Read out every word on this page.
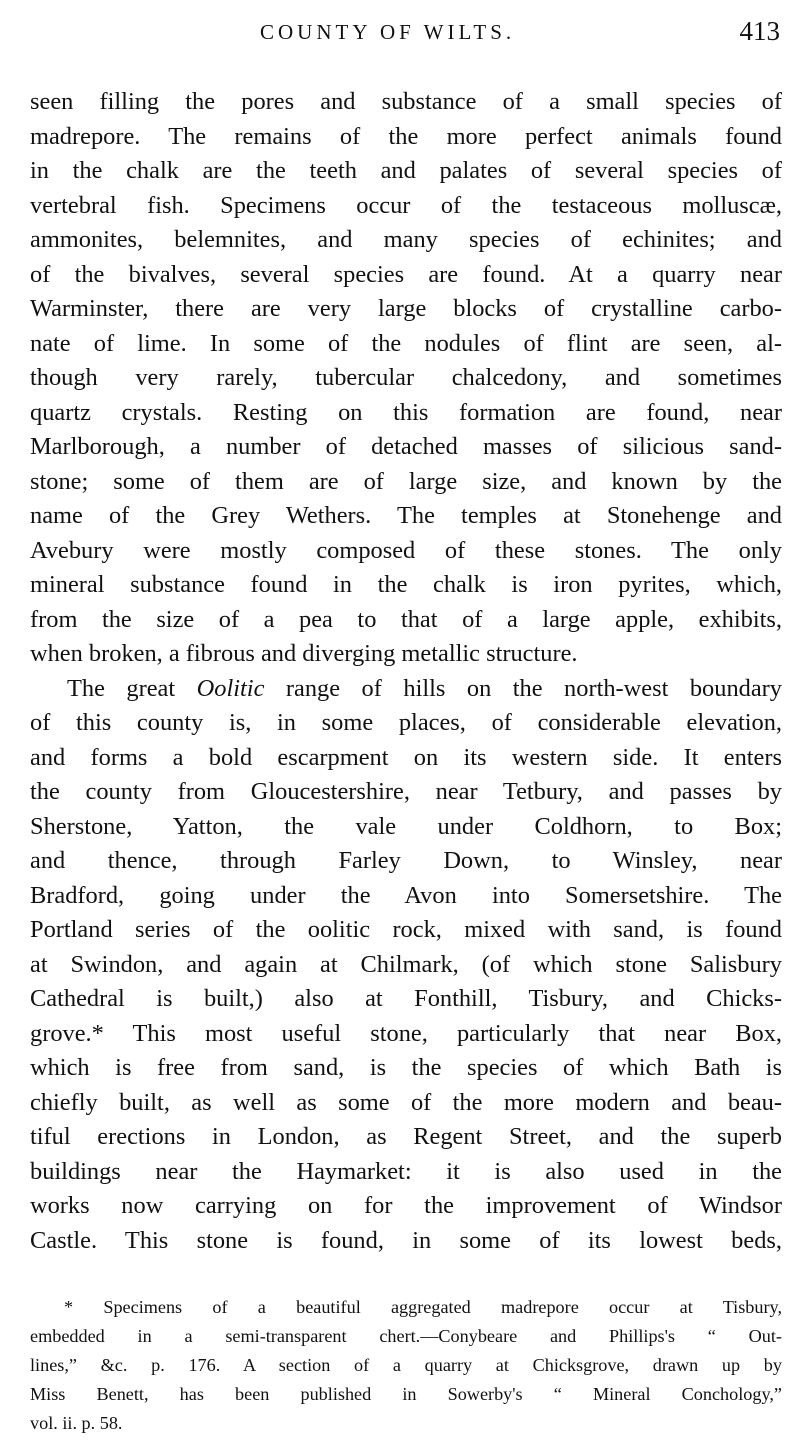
COUNTY OF WILTS.	413
seen filling the pores and substance of a small species of
madrepore. The remains of the more perfect animals found
in the chalk are the teeth and palates of several species of
vertebral fish. Specimens occur of the testaceous molluscæ,
ammonites, belemnites, and many species of echinites; and
of the bivalves, several species are found. At a quarry near
Warminster, there are very large blocks of crystalline carbo-
nate of lime. In some of the nodules of flint are seen, al-
though very rarely, tubercular chalcedony, and sometimes
quartz crystals. Resting on this formation are found, near
Marlborough, a number of detached masses of silicious sand-
stone; some of them are of large size, and known by the
name of the Grey Wethers. The temples at Stonehenge and
Avebury were mostly composed of these stones. The only
mineral substance found in the chalk is iron pyrites, which,
from the size of a pea to that of a large apple, exhibits,
when broken, a fibrous and diverging metallic structure.
The great Oolitic range of hills on the north-west boundary
of this county is, in some places, of considerable elevation,
and forms a bold escarpment on its western side. It enters
the county from Gloucestershire, near Tetbury, and passes by
Sherstone, Yatton, the vale under Coldhorn, to Box;
and thence, through Farley Down, to Winsley, near
Bradford, going under the Avon into Somersetshire. The
Portland series of the oolitic rock, mixed with sand, is found
at Swindon, and again at Chilmark, (of which stone Salisbury
Cathedral is built,) also at Fonthill, Tisbury, and Chicks-
grove.* This most useful stone, particularly that near Box,
which is free from sand, is the species of which Bath is
chiefly built, as well as some of the more modern and beau-
tiful erections in London, as Regent Street, and the superb
buildings near the Haymarket: it is also used in the
works now carrying on for the improvement of Windsor
Castle. This stone is found, in some of its lowest beds,
* Specimens of a beautiful aggregated madrepore occur at Tisbury,
embedded in a semi-transparent chert.—Conybeare and Phillips's “ Out-
lines,” &c. p. 176. A section of a quarry at Chicksgrove, drawn up by
Miss Benett, has been published in Sowerby's “ Mineral Conchology,”
vol. ii. p. 58.
